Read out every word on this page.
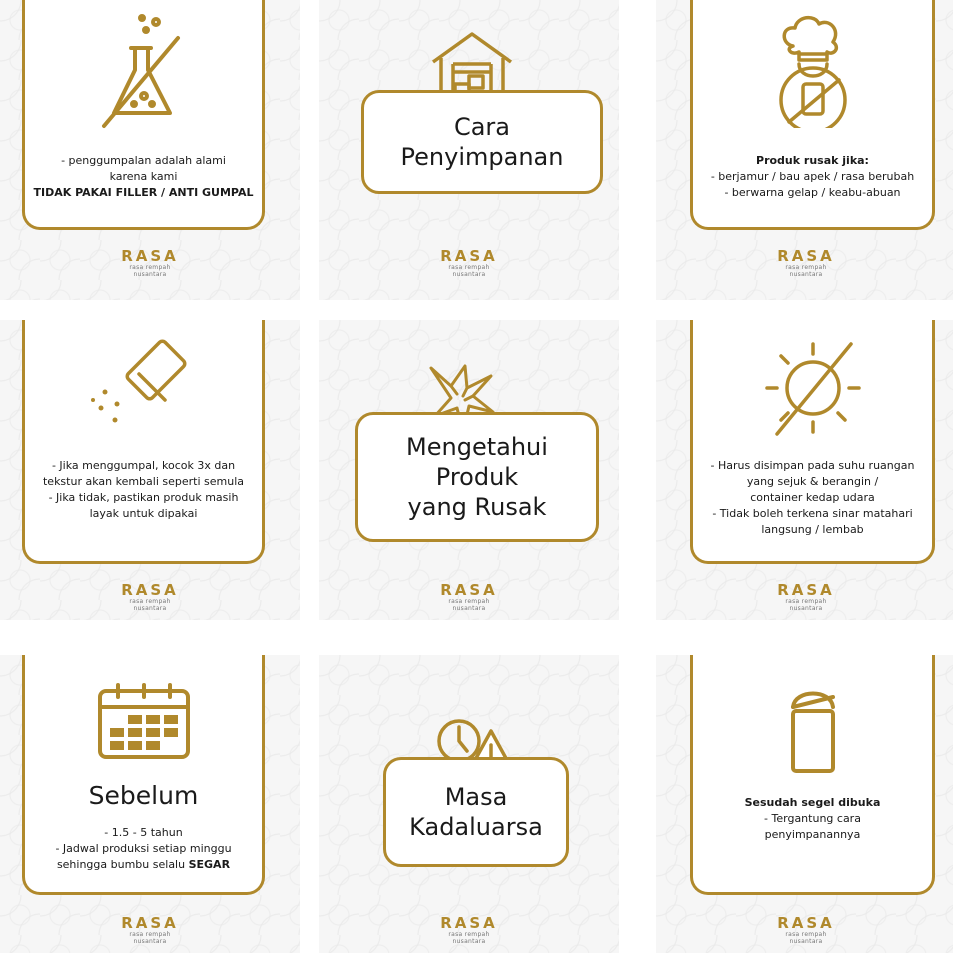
- penggumpalan adalah alami
karena kami
TIDAK PAKAI FILLER / ANTI GUMPAL
RASA
rasa rempah
nusantara
Cara
Penyimpanan
RASA
rasa rempah
nusantara
Produk rusak jika:
- berjamur / bau apek / rasa berubah
- berwarna gelap / keabu-abuan
RASA
rasa rempah
nusantara
- Jika menggumpal, kocok 3x dan
tekstur akan kembali seperti semula
- Jika tidak, pastikan produk masih
layak untuk dipakai
RASA
rasa rempah
nusantara
Mengetahui
Produk
yang Rusak
RASA
rasa rempah
nusantara
- Harus disimpan pada suhu ruangan
yang sejuk & berangin /
container kedap udara
- Tidak boleh terkena sinar matahari
langsung / lembab
RASA
rasa rempah
nusantara
Sebelum
- 1.5 - 5 tahun
- Jadwal produksi setiap minggu
sehingga bumbu selalu SEGAR
RASA
rasa rempah
nusantara
Masa
Kadaluarsa
RASA
rasa rempah
nusantara
Sesudah segel dibuka
- Tergantung cara
penyimpanannya
RASA
rasa rempah
nusantara
